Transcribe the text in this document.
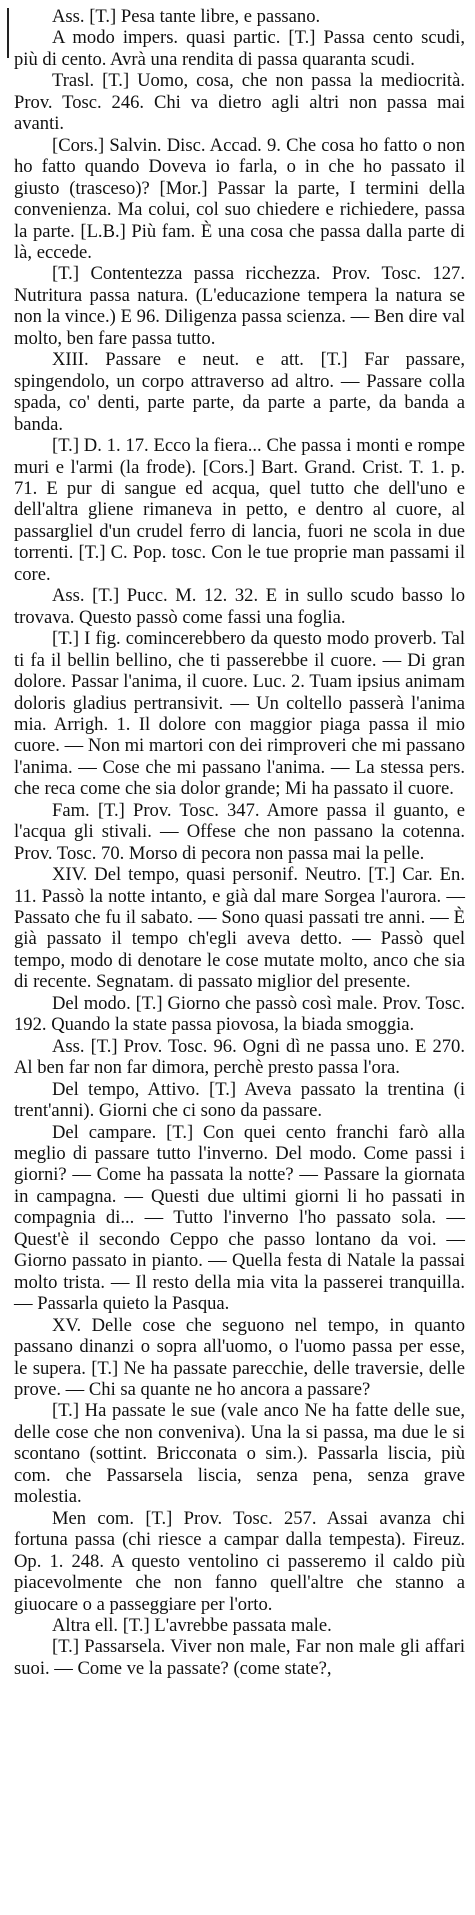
Ass. [T.] Pesa tante libre, e passano.

A modo impers. quasi partic. [T.] Passa cento scudi, più di cento. Avrà una rendita di passa quaranta scudi.

Trasl. [T.] Uomo, cosa, che non passa la mediocrità. Prov. Tosc. 246. Chi va dietro agli altri non passa mai avanti.

[Cors.] Salvin. Disc. Accad. 9. Che cosa ho fatto o non ho fatto quando Doveva io farla, o in che ho passato il giusto (trasceso)? [Mor.] Passar la parte, I termini della convenienza. Ma colui, col suo chiedere e richiedere, passa la parte. [L.B.] Più fam. È una cosa che passa dalla parte di là, eccede.

[T.] Contentezza passa ricchezza. Prov. Tosc. 127. Nutritura passa natura. (L'educazione tempera la natura se non la vince.) E 96. Diligenza passa scienza. — Ben dire val molto, ben fare passa tutto.

XIII. Passare e neut. e att. [T.] Far passare, spingendolo, un corpo attraverso ad altro. — Passare colla spada, co' denti, parte parte, da parte a parte, da banda a banda.

[T.] D. 1. 17. Ecco la fiera... Che passa i monti e rompe muri e l'armi (la frode). [Cors.] Bart. Grand. Crist. T. 1. p. 71. E pur di sangue ed acqua, quel tutto che dell'uno e dell'altra gliene rimaneva in petto, e dentro al cuore, al passargliel d'un crudel ferro di lancia, fuori ne scola in due torrenti. [T.] C. Pop. tosc. Con le tue proprie man passami il core.

Ass. [T.] Pucc. M. 12. 32. E in sullo scudo basso lo trovava. Questo passò come fassi una foglia.

[T.] I fig. comincerebbero da questo modo proverb. Tal ti fa il bellin bellino, che ti passerebbe il cuore. — Di gran dolore. Passar l'anima, il cuore. Luc. 2. Tuam ipsius animam doloris gladius pertransivit. — Un coltello passerà l'anima mia. Arrigh. 1. Il dolore con maggior piaga passa il mio cuore. — Non mi martori con dei rimproveri che mi passano l'anima. — Cose che mi passano l'anima. — La stessa pers. che reca come che sia dolor grande; Mi ha passato il cuore.

Fam. [T.] Prov. Tosc. 347. Amore passa il guanto, e l'acqua gli stivali. — Offese che non passano la cotenna. Prov. Tosc. 70. Morso di pecora non passa mai la pelle.

XIV. Del tempo, quasi personif. Neutro. [T.] Car. En. 11. Passò la notte intanto, e già dal mare Sorgea l'aurora. — Passato che fu il sabato. — Sono quasi passati tre anni. — È già passato il tempo ch'egli aveva detto. — Passò quel tempo, modo di denotare le cose mutate molto, anco che sia di recente. Segnatam. di passato miglior del presente.

Del modo. [T.] Giorno che passò così male. Prov. Tosc. 192. Quando la state passa piovosa, la biada smoggia.

Ass. [T.] Prov. Tosc. 96. Ogni dì ne passa uno. E 270. Al ben far non far dimora, perchè presto passa l'ora.

Del tempo, Attivo. [T.] Aveva passato la trentina (i trent'anni). Giorni che ci sono da passare.

Del campare. [T.] Con quei cento franchi farò alla meglio di passare tutto l'inverno. Del modo. Come passi i giorni? — Come ha passata la notte? — Passare la giornata in campagna. — Questi due ultimi giorni li ho passati in compagnia di... — Tutto l'inverno l'ho passato sola. — Quest'è il secondo Ceppo che passo lontano da voi. — Giorno passato in pianto. — Quella festa di Natale la passai molto trista. — Il resto della mia vita la passerei tranquilla. — Passarla quieto la Pasqua.

XV. Delle cose che seguono nel tempo, in quanto passano dinanzi o sopra all'uomo, o l'uomo passa per esse, le supera. [T.] Ne ha passate parecchie, delle traversie, delle prove. — Chi sa quante ne ho ancora a passare?

[T.] Ha passate le sue (vale anco Ne ha fatte delle sue, delle cose che non conveniva). Una la si passa, ma due le si scontano (sottint. Bricconata o sim.). Passarla liscia, più com. che Passarsela liscia, senza pena, senza grave molestia.

Men com. [T.] Prov. Tosc. 257. Assai avanza chi fortuna passa (chi riesce a campar dalla tempesta). Fireuz. Op. 1. 248. A questo ventolino ci passeremo il caldo più piacevolmente che non fanno quell'altre che stanno a giuocare o a passeggiare per l'orto.

Altra ell. [T.] L'avrebbe passata male.

[T.] Passarsela. Viver non male, Far non male gli affari suoi. — Come ve la passate? (come state?,
